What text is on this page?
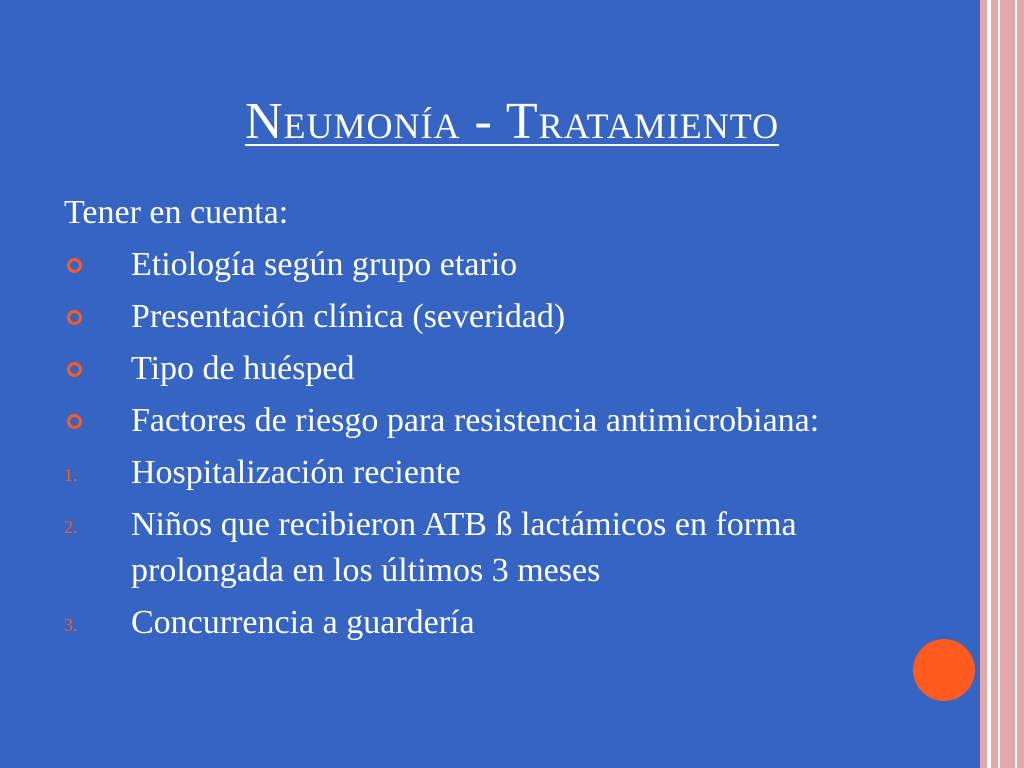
Neumonía - Tratamiento
Tener en cuenta:
Etiología según grupo etario
Presentación clínica (severidad)
Tipo de huésped
Factores de riesgo para resistencia antimicrobiana:
1.	Hospitalización reciente
2.	Niños que recibieron ATB ß lactámicos en forma prolongada en los últimos 3 meses
3.	Concurrencia a guardería
